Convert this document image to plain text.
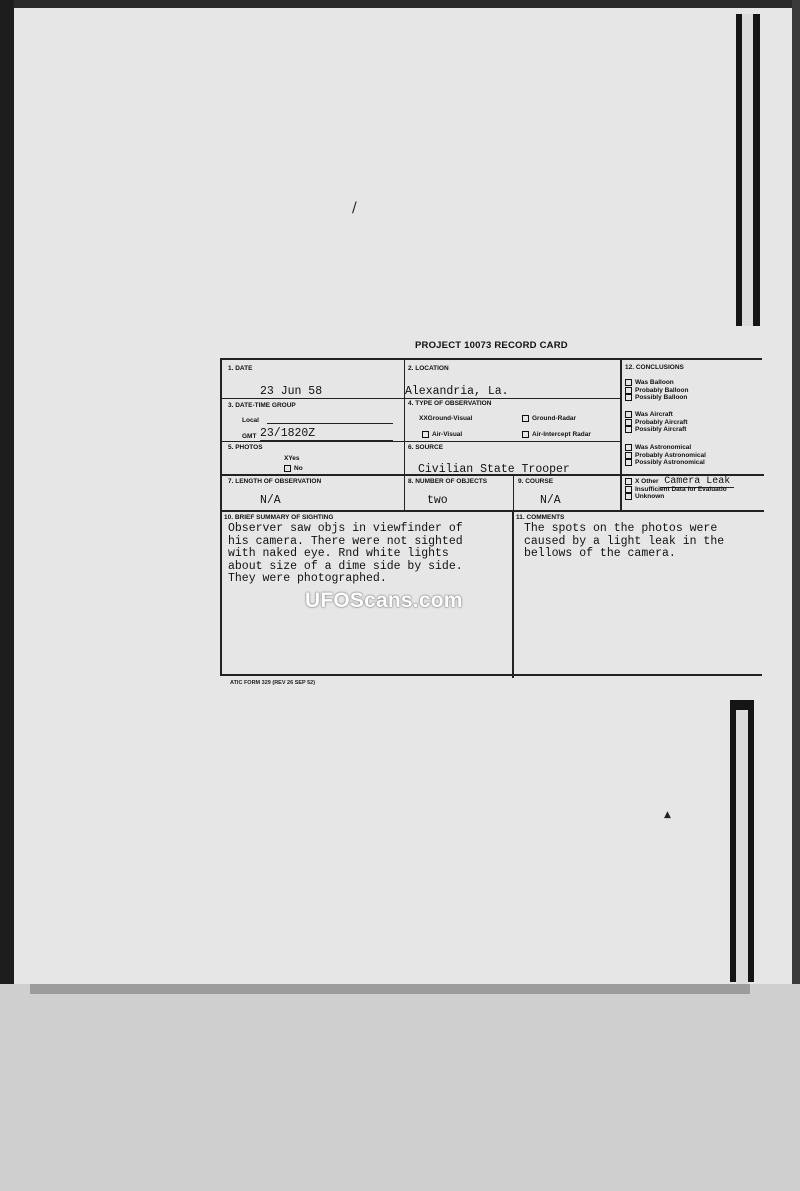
/
▲
PROJECT 10073 RECORD CARD
1. DATE
23 Jun 58
2. LOCATION
Alexandria, La.
3. DATE-TIME GROUP
Local
GMT 23/1820Z
4. TYPE OF OBSERVATION
XXGround-Visual	Ground-Radar
Air-Visual	Air-Intercept Radar
5. PHOTOS
XYes
No
6. SOURCE
Civilian State Trooper
7. LENGTH OF OBSERVATION
N/A
8. NUMBER OF OBJECTS
two
9. COURSE
N/A
12. CONCLUSIONS
Was Balloon
Probably Balloon
Possibly Balloon
Was Aircraft
Probably Aircraft
Possibly Aircraft
Was Astronomical
Probably Astronomical
Possibly Astronomical
X Other Camera Leak
Insufficient Data for Evaluatio
Unknown
10. BRIEF SUMMARY OF SIGHTING
Observer saw objs in viewfinder of
his camera. There were not sighted
with naked eye. Rnd white lights
about size of a dime side by side.
They were photographed.
11. COMMENTS
The spots on the photos were
caused by a light leak in the
bellows of the camera.
UFOScans.com
ATIC FORM 329 (REV 26 SEP 52)
